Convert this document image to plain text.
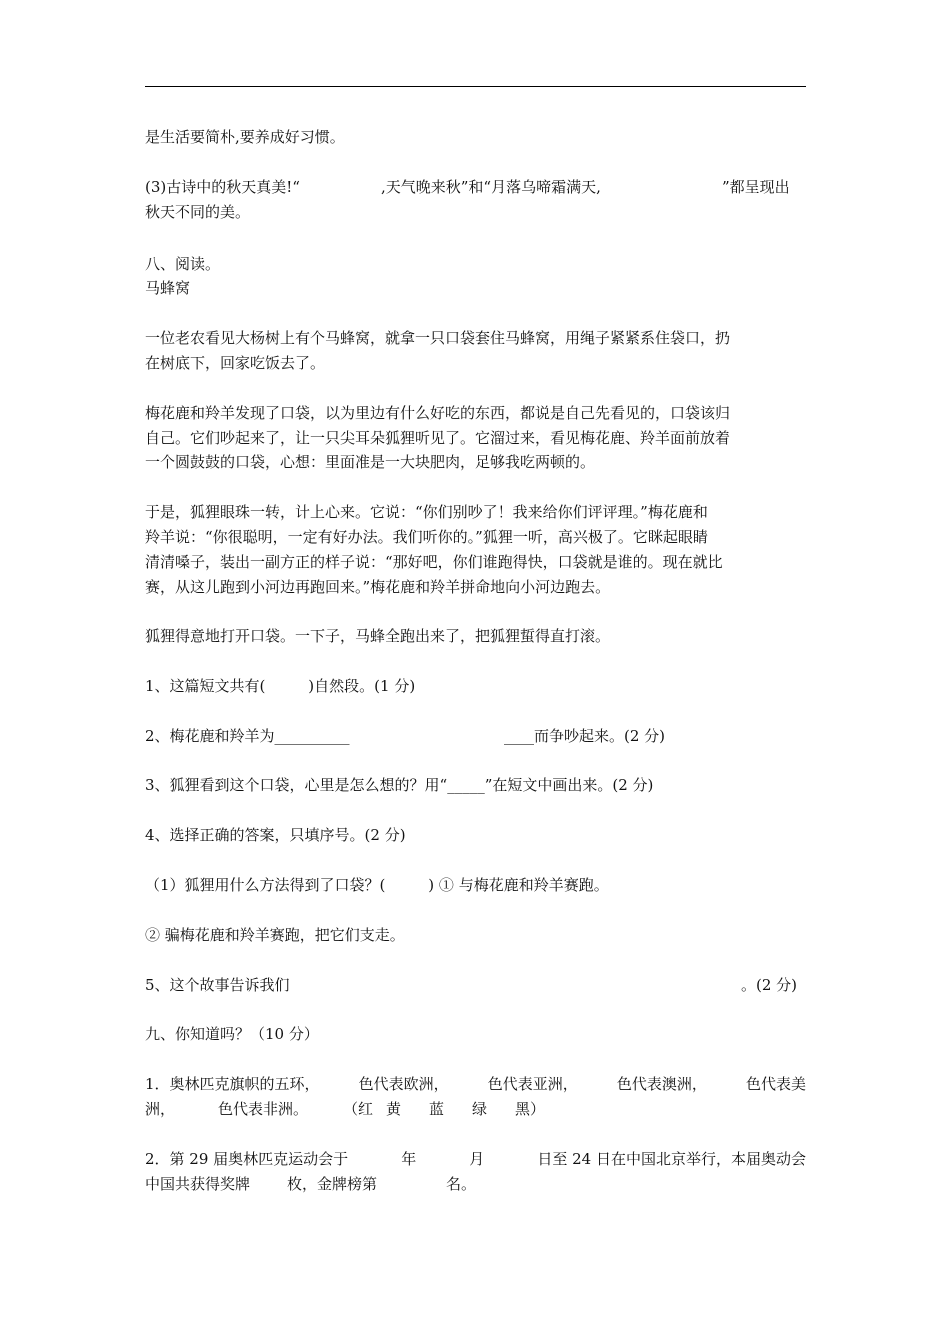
是生活要简朴,要养成好习惯。
(3)古诗中的秋天真美!“	,天气晚来秋”和“月落乌啼霜满天,	”都呈现出
秋天不同的美。
八、阅读。
马蜂窝
一位老农看见大杨树上有个马蜂窝，就拿一只口袋套住马蜂窝，用绳子紧紧系住袋口，扔
在树底下，回家吃饭去了。
梅花鹿和羚羊发现了口袋，以为里边有什么好吃的东西，都说是自己先看见的，口袋该归
自己。它们吵起来了，让一只尖耳朵狐狸听见了。它溜过来，看见梅花鹿、羚羊面前放着
一个圆鼓鼓的口袋，心想：里面准是一大块肥肉，足够我吃两顿的。
于是，狐狸眼珠一转，计上心来。它说：“你们别吵了！我来给你们评评理。”梅花鹿和
羚羊说：“你很聪明，一定有好办法。我们听你的。”狐狸一听，高兴极了。它眯起眼睛
清清嗓子，装出一副方正的样子说：“那好吧，你们谁跑得快，口袋就是谁的。现在就比
赛，从这儿跑到小河边再跑回来。”梅花鹿和羚羊拼命地向小河边跑去。
狐狸得意地打开口袋。一下子，马蜂全跑出来了，把狐狸蜇得直打滚。
1、这篇短文共有(         )自然段。(1 分)
2、梅花鹿和羚羊为__________	____而争吵起来。(2 分)
3、狐狸看到这个口袋，心里是怎么想的？用“_____”在短文中画出来。(2 分)
4、选择正确的答案，只填序号。(2 分)
（1）狐狸用什么方法得到了口袋？(         ) ① 与梅花鹿和羚羊赛跑。
② 骗梅花鹿和羚羊赛跑，把它们支走。
5、这个故事告诉我们	。(2 分)
九、你知道吗？（10 分）
1．奥林匹克旗帜的五环，	色代表欧洲，	色代表亚洲，	色代表澳洲，	色代表美
洲，	色代表非洲。 （红 黄 蓝 绿 黑）
2．第 29 届奥林匹克运动会于	年	月	日至 24 日在中国北京举行，本届奥动会
中国共获得奖牌 枚，金牌榜第	名。
